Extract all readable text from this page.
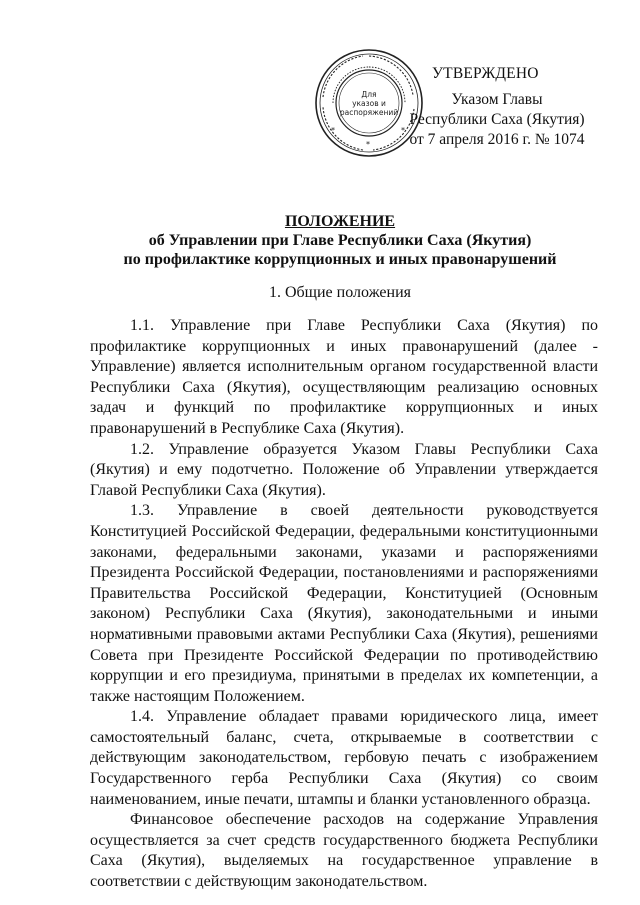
*	*
*
Для
указов и
распоряжений
УТВЕРЖДЕНО
Указом Главы
Республики Саха (Якутия)
от 7 апреля 2016 г. № 1074
ПОЛОЖЕНИЕ
об Управлении при Главе Республики Саха (Якутия)
по профилактике коррупционных и иных правонарушений
1. Общие положения

1.1. Управление при Главе Республики Саха (Якутия) по профилактике коррупционных и иных правонарушений (далее - Управление) является исполнительным органом государственной власти Республики Саха (Якутия), осуществляющим реализацию основных задач и функций по профилактике коррупционных и иных правонарушений в Республике Саха (Якутия).

1.2. Управление образуется Указом Главы Республики Саха (Якутия) и ему подотчетно. Положение об Управлении утверждается Главой Республики Саха (Якутия).

1.3. Управление в своей деятельности руководствуется Конституцией Российской Федерации, федеральными конституционными законами, федеральными законами, указами и распоряжениями Президента Российской Федерации, постановлениями и распоряжениями Правительства Российской Федерации, Конституцией (Основным законом) Республики Саха (Якутия), законодательными и иными нормативными правовыми актами Республики Саха (Якутия), решениями Совета при Президенте Российской Федерации по противодействию коррупции и его президиума, принятыми в пределах их компетенции, а также настоящим Положением.

1.4. Управление обладает правами юридического лица, имеет самостоятельный баланс, счета, открываемые в соответствии с действующим законодательством, гербовую печать с изображением Государственного герба Республики Саха (Якутия) со своим наименованием, иные печати, штампы и бланки установленного образца.

Финансовое обеспечение расходов на содержание Управления осуществляется за счет средств государственного бюджета Республики Саха (Якутия), выделяемых на государственное управление в соответствии с действующим законодательством.
